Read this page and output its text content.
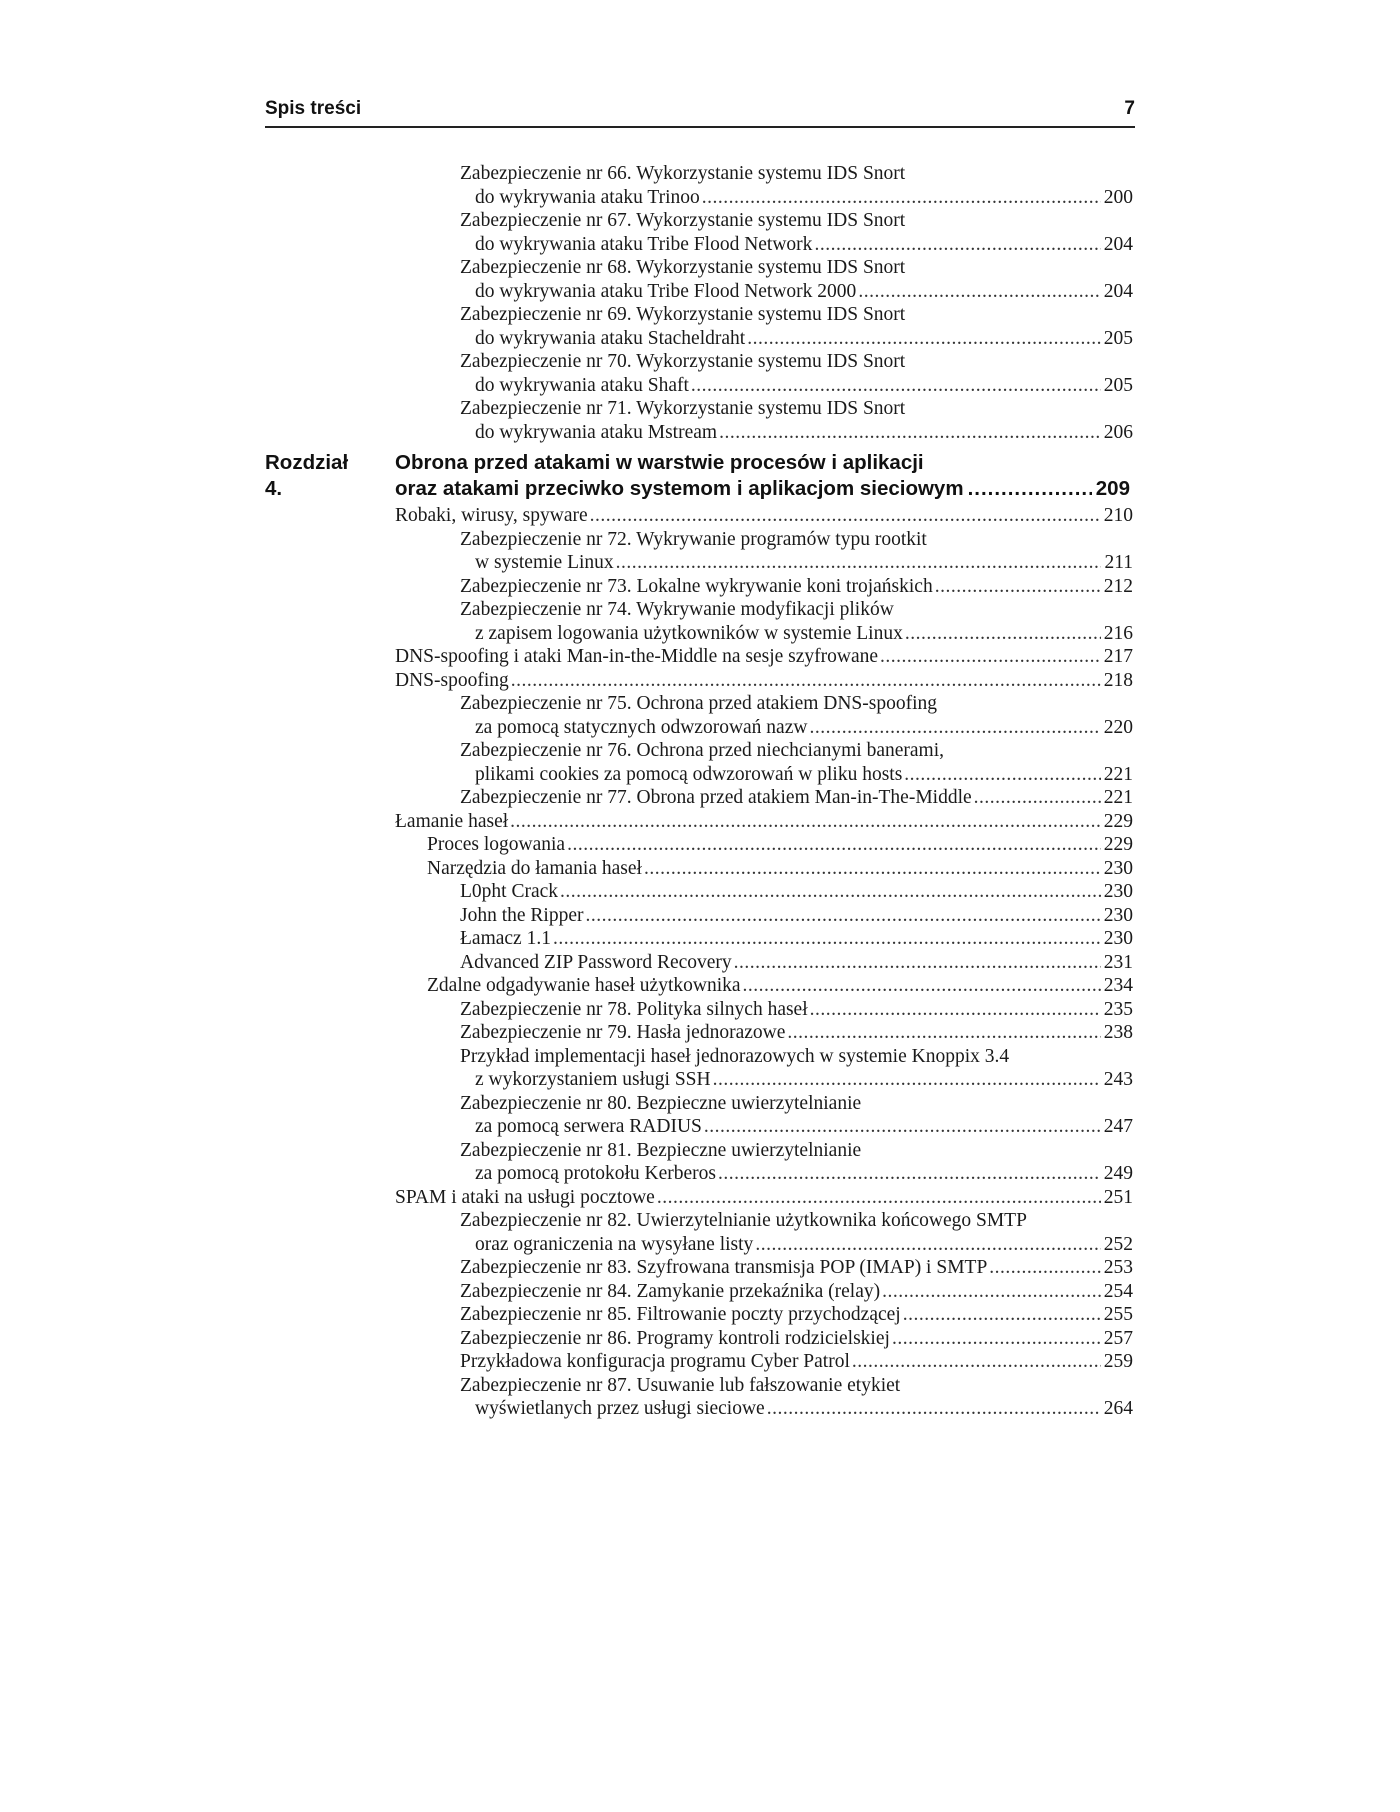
Spis treści	7
Zabezpieczenie nr 66. Wykorzystanie systemu IDS Snort
do wykrywania ataku Trinoo .....	200
Zabezpieczenie nr 67. Wykorzystanie systemu IDS Snort
do wykrywania ataku Tribe Flood Network .....	204
Zabezpieczenie nr 68. Wykorzystanie systemu IDS Snort
do wykrywania ataku Tribe Flood Network 2000 .....	204
Zabezpieczenie nr 69. Wykorzystanie systemu IDS Snort
do wykrywania ataku Stacheldraht .....	205
Zabezpieczenie nr 70. Wykorzystanie systemu IDS Snort
do wykrywania ataku Shaft .....	205
Zabezpieczenie nr 71. Wykorzystanie systemu IDS Snort
do wykrywania ataku Mstream .....	206
Rozdział 4.
Obrona przed atakami w warstwie procesów i aplikacji
oraz atakami przeciwko systemom i aplikacjom sieciowym .....	209
Robaki, wirusy, spyware .....	210
Zabezpieczenie nr 72. Wykrywanie programów typu rootkit
w systemie Linux .....	211
Zabezpieczenie nr 73. Lokalne wykrywanie koni trojańskich .....	212
Zabezpieczenie nr 74. Wykrywanie modyfikacji plików
z zapisem logowania użytkowników w systemie Linux .....	216
DNS-spoofing i ataki Man-in-the-Middle na sesje szyfrowane .....	217
DNS-spoofing .....	218
Zabezpieczenie nr 75. Ochrona przed atakiem DNS-spoofing
za pomocą statycznych odwzorowań nazw .....	220
Zabezpieczenie nr 76. Ochrona przed niechcianymi banerami,
plikami cookies za pomocą odwzorowań w pliku hosts .....	221
Zabezpieczenie nr 77. Obrona przed atakiem Man-in-The-Middle .....	221
Łamanie haseł .....	229
Proces logowania .....	229
Narzędzia do łamania haseł .....	230
L0pht Crack .....	230
John the Ripper .....	230
Łamacz 1.1 .....	230
Advanced ZIP Password Recovery .....	231
Zdalne odgadywanie haseł użytkownika .....	234
Zabezpieczenie nr 78. Polityka silnych haseł .....	235
Zabezpieczenie nr 79. Hasła jednorazowe .....	238
Przykład implementacji haseł jednorazowych w systemie Knoppix 3.4
z wykorzystaniem usługi SSH .....	243
Zabezpieczenie nr 80. Bezpieczne uwierzytelnianie
za pomocą serwera RADIUS .....	247
Zabezpieczenie nr 81. Bezpieczne uwierzytelnianie
za pomocą protokołu Kerberos .....	249
SPAM i ataki na usługi pocztowe .....	251
Zabezpieczenie nr 82. Uwierzytelnianie użytkownika końcowego SMTP
oraz ograniczenia na wysyłane listy .....	252
Zabezpieczenie nr 83. Szyfrowana transmisja POP (IMAP) i SMTP .....	253
Zabezpieczenie nr 84. Zamykanie przekaźnika (relay) .....	254
Zabezpieczenie nr 85. Filtrowanie poczty przychodzącej .....	255
Zabezpieczenie nr 86. Programy kontroli rodzicielskiej .....	257
Przykładowa konfiguracja programu Cyber Patrol .....	259
Zabezpieczenie nr 87. Usuwanie lub fałszowanie etykiet
wyświetlanych przez usługi sieciowe .....	264
